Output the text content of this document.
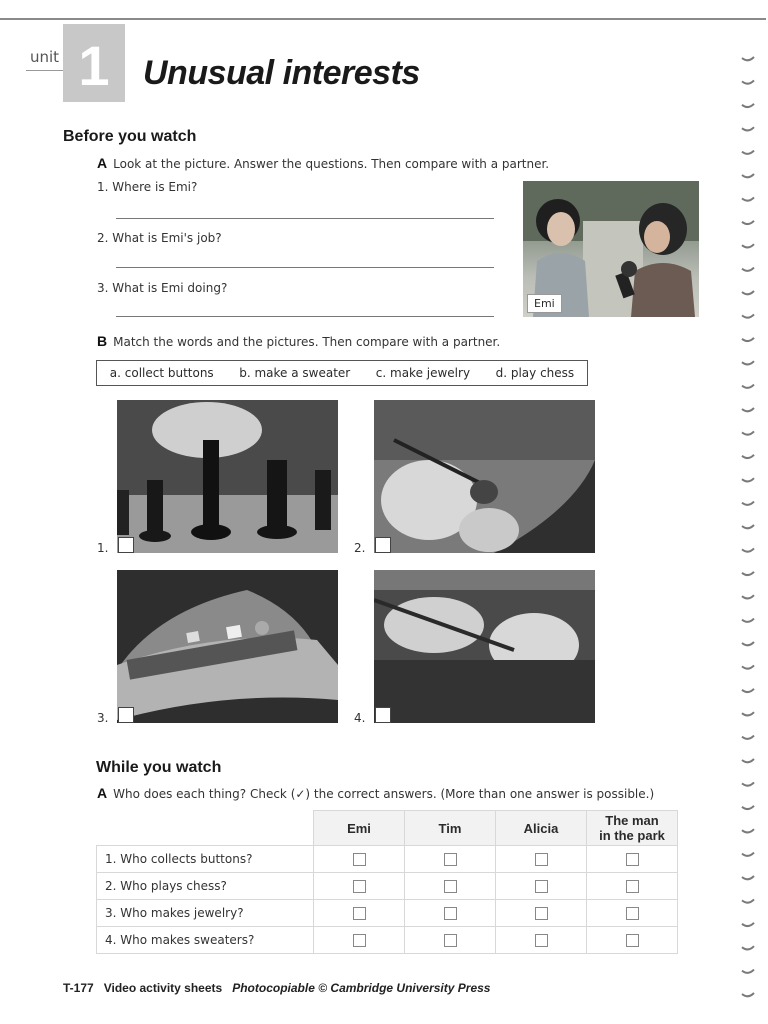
unit 1 Unusual interests
Before you watch
A Look at the picture. Answer the questions. Then compare with a partner.
1. Where is Emi?
2. What is Emi's job?
3. What is Emi doing?
Emi
B Match the words and the pictures. Then compare with a partner.
a. collect buttons b. make a sweater c. make jewelry d. play chess
1.	2.
3.	4.
While you watch
A Who does each thing? Check (✓) the correct answers. (More than one answer is possible.)
	Emi	Tim	Alicia	The man
in the park
1. Who collects buttons?				
2. Who plays chess?				
3. Who makes jewelry?				
4. Who makes sweaters?				
T-177 Video activity sheets Photocopiable © Cambridge University Press
